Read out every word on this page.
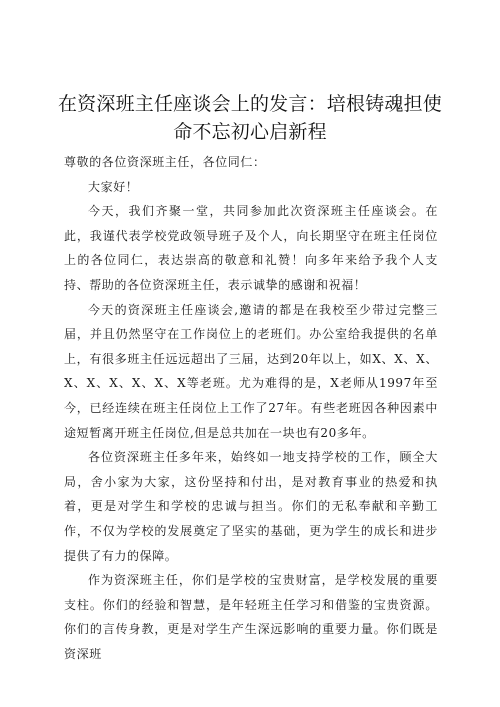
在资深班主任座谈会上的发言：培根铸魂担使
命不忘初心启新程

尊敬的各位资深班主任，各位同仁：

大家好！

今天，我们齐聚一堂，共同参加此次资深班主任座谈会。在此，我谨代表学校党政领导班子及个人，向长期坚守在班主任岗位上的各位同仁，表达崇高的敬意和礼赞！向多年来给予我个人支持、帮助的各位资深班主任，表示诚挚的感谢和祝福！

今天的资深班主任座谈会,邀请的都是在我校至少带过完整三届，并且仍然坚守在工作岗位上的老班们。办公室给我提供的名单上，有很多班主任远远超出了三届，达到20年以上，如X、X、X、X、X、X、X、X、X等老班。尤为难得的是，X老师从1997年至今，已经连续在班主任岗位上工作了27年。有些老班因各种因素中途短暂离开班主任岗位,但是总共加在一块也有20多年。

各位资深班主任多年来，始终如一地支持学校的工作，顾全大局，舍小家为大家，这份坚持和付出，是对教育事业的热爱和执着，更是对学生和学校的忠诚与担当。你们的无私奉献和辛勤工作，不仅为学校的发展奠定了坚实的基础，更为学生的成长和进步提供了有力的保障。

作为资深班主任，你们是学校的宝贵财富，是学校发展的重要支柱。你们的经验和智慧，是年轻班主任学习和借鉴的宝贵资源。你们的言传身教，更是对学生产生深远影响的重要力量。你们既是资深班
